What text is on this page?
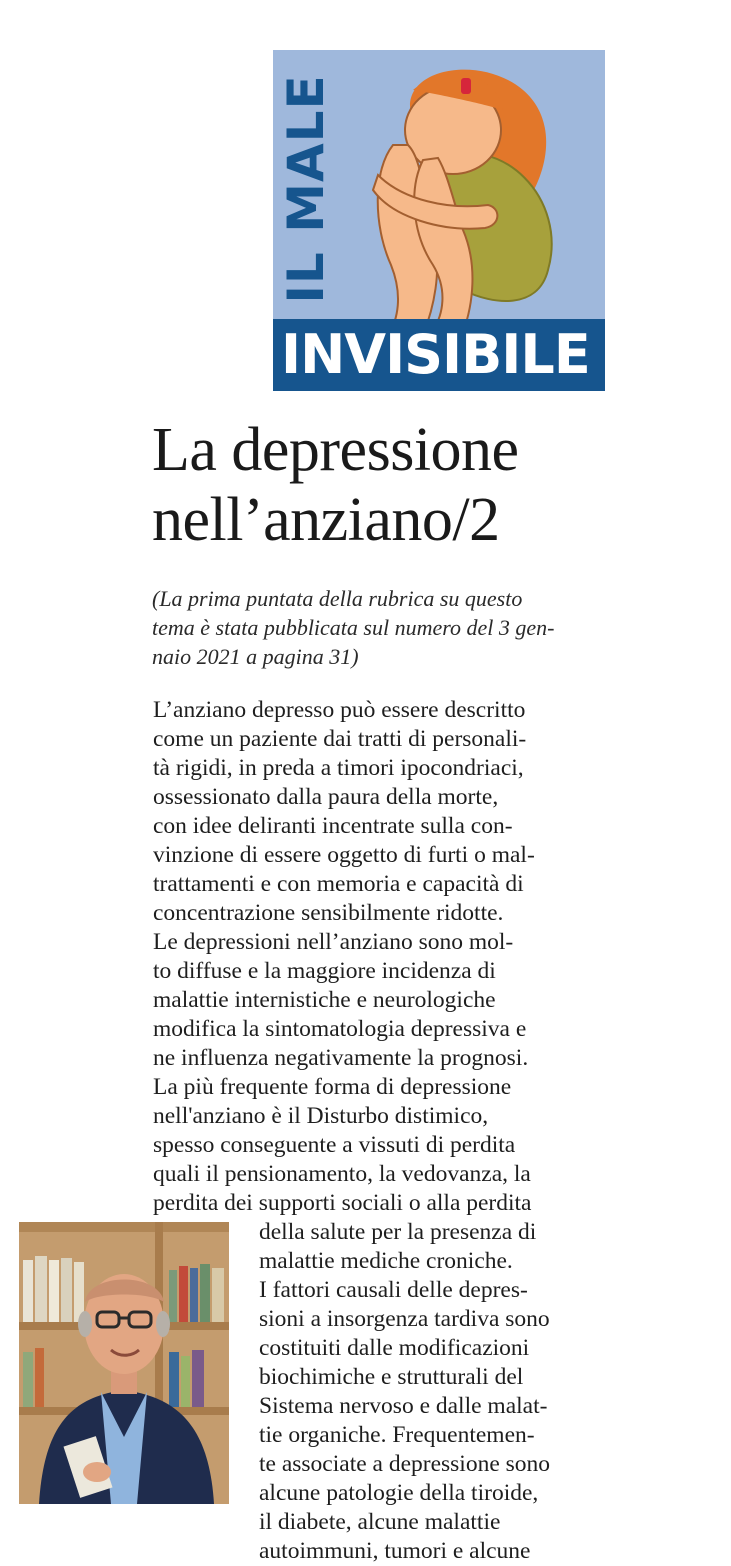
IL MALE
INVISIBILE
La depressione
nell’anziano/2
(La prima puntata della rubrica su questo
tema è stata pubblicata sul numero del 3 gen-
naio 2021 a pagina 31)
L’anziano depresso può essere descritto
come un paziente dai tratti di personali-
tà rigidi, in preda a timori ipocondriaci,
ossessionato dalla paura della morte,
con idee deliranti incentrate sulla con-
vinzione di essere oggetto di furti o mal-
trattamenti e con memoria e capacità di
concentrazione sensibilmente ridotte.
Le depressioni nell’anziano sono mol-
to diffuse e la maggiore incidenza di
malattie internistiche e neurologiche
modifica la sintomatologia depressiva e
ne influenza negativamente la prognosi.
La più frequente forma di depressione
nell'anziano è il Disturbo distimico,
spesso conseguente a vissuti di perdita
quali il pensionamento, la vedovanza, la
perdita dei supporti sociali o alla perdita
della salute per la presenza di
malattie mediche croniche.
I fattori causali delle depres-
sioni a insorgenza tardiva sono
costituiti dalle modificazioni
biochimiche e strutturali del
Sistema nervoso e dalle malat-
tie organiche. Frequentemen-
te associate a depressione sono
alcune patologie della tiroide,
il diabete, alcune malattie
autoimmuni, tumori e alcune
